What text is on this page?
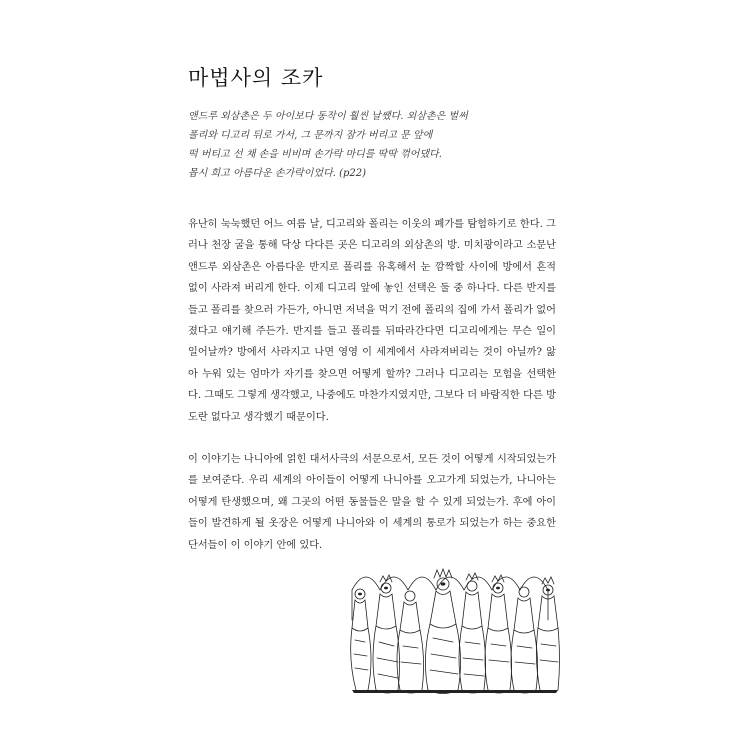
마법사의 조카
앤드루 외삼촌은 두 아이보다 동작이 훨씬 날쌨다. 외삼촌은 벌써
폴리와 디고리 뒤로 가서, 그 문까지 잠가 버리고 문 앞에
떡 버티고 선 채 손을 비비며 손가락 마디를 딱딱 꺾어댔다.
몹시 희고 아름다운 손가락이었다. (p22)

유난히 눅눅했던 어느 여름 날, 디고리와 폴리는 이웃의 폐가를 탐험하기로 한다. 그러나 천장 굴을 통해 닥상 다다른 곳은 디고리의 외삼촌의 방. 미치광이라고 소문난 앤드루 외삼촌은 아름다운 반지로 폴리를 유혹해서 눈 깜짝할 사이에 방에서 흔적 없이 사라져 버리게 한다. 이제 디고리 앞에 놓인 선택은 둘 중 하나다. 다른 반지를 들고 폴리를 찾으러 가든가, 아니면 저녁을 먹기 전에 폴리의 집에 가서 폴리가 없어졌다고 얘기해 주든가. 반지를 들고 폴리를 뒤따라간다면 디고리에게는 무슨 일이 일어날까? 방에서 사라지고 나면 영영 이 세계에서 사라져버리는 것이 아닐까? 앓아 누워 있는 엄마가 자기를 찾으면 어떻게 할까? 그러나 디고리는 모험을 선택한다. 그때도 그렇게 생각했고, 나중에도 마찬가지였지만, 그보다 더 바람직한 다른 방도란 없다고 생각했기 때문이다.

이 이야기는 나니아에 얽힌 대서사극의 서문으로서, 모든 것이 어떻게 시작되었는가를 보여준다. 우리 세계의 아이들이 어떻게 나니아를 오고가게 되었는가, 나니아는 어떻게 탄생했으며, 왜 그곳의 어떤 동물들은 말을 할 수 있게 되었는가. 후에 아이들이 발견하게 될 옷장은 어떻게 나니아와 이 세계의 통로가 되었는가 하는 중요한 단서들이 이 이야기 안에 있다.
